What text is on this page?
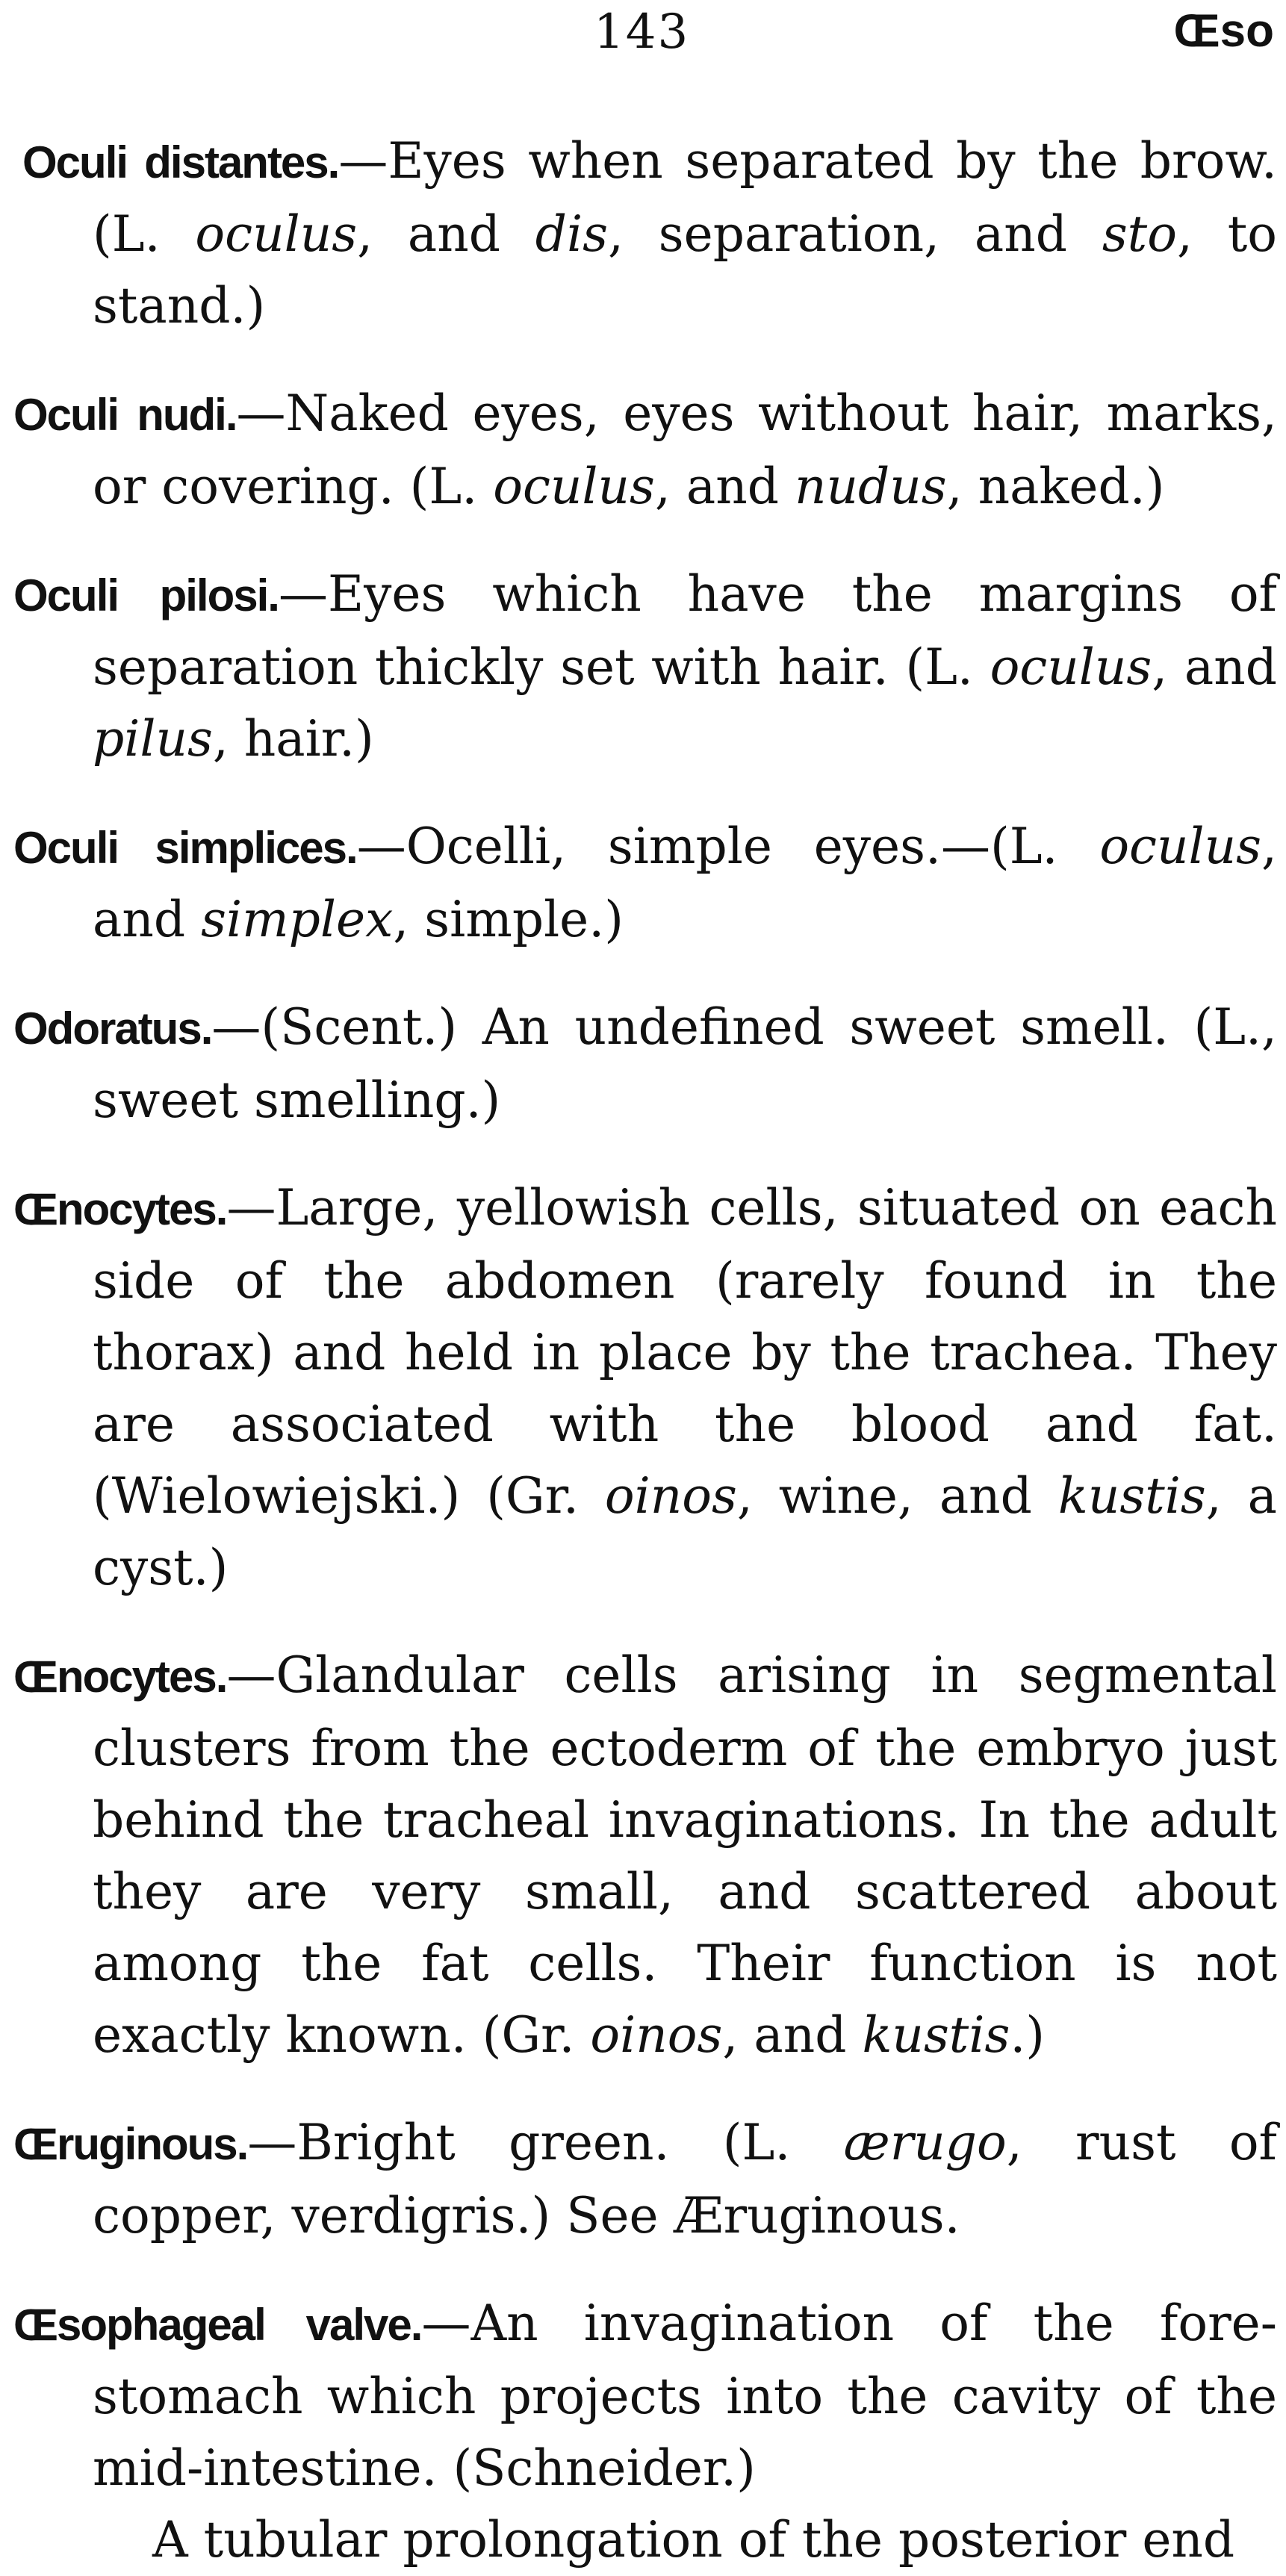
143	Œso

Oculi distantes.—Eyes when separated by the brow. (L. oculus, and dis, separation, and sto, to stand.)

Oculi nudi.—Naked eyes, eyes without hair, marks, or covering. (L. oculus, and nudus, naked.)

Oculi pilosi.—Eyes which have the margins of separation thickly set with hair. (L. oculus, and pilus, hair.)

Oculi simplices.—Ocelli, simple eyes.—(L. oculus, and simplex, simple.)

Odoratus.—(Scent.) An undefined sweet smell. (L., sweet smelling.)

Œnocytes.—Large, yellowish cells, situated on each side of the abdomen (rarely found in the thorax) and held in place by the trachea. They are associated with the blood and fat. (Wielowiejski.) (Gr. oinos, wine, and kustis, a cyst.)

Œnocytes.—Glandular cells arising in segmental clusters from the ectoderm of the embryo just behind the tracheal invaginations. In the adult they are very small, and scattered about among the fat cells. Their function is not exactly known. (Gr. oinos, and kustis.)

Œruginous.—Bright green. (L. ærugo, rust of copper, verdigris.) See Æruginous.

Œsophageal valve.—An invagination of the fore-stomach which projects into the cavity of the mid-intestine. (Schneider.)

A tubular prolongation of the posterior end
